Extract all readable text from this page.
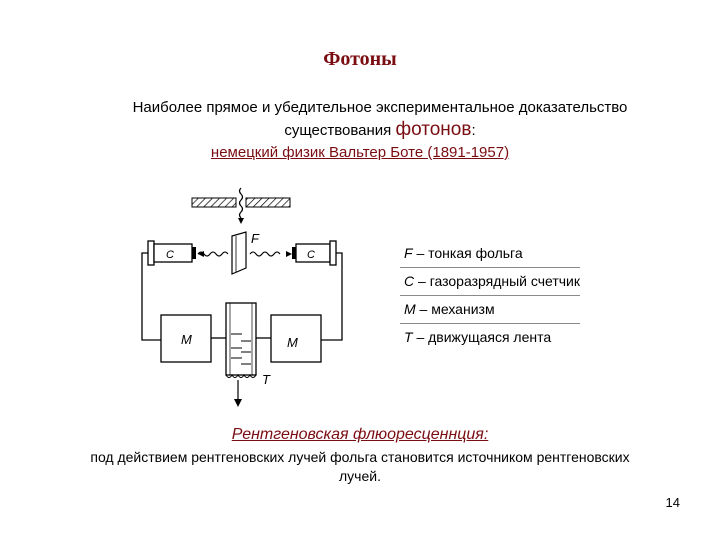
Фотоны
Наиболее прямое и убедительное экспериментальное доказательство
существования фотонов:
немецкий физик Вальтер Боте (1891-1957)
F
C	C
M	M
T
F – тонкая фольга
C – газоразрядный счетчик
M – механизм
T – движущаяся лента
Рентгеновская флюоресценнция:
под действием рентгеновских лучей фольга становится источником рентгеновских лучей.
14
